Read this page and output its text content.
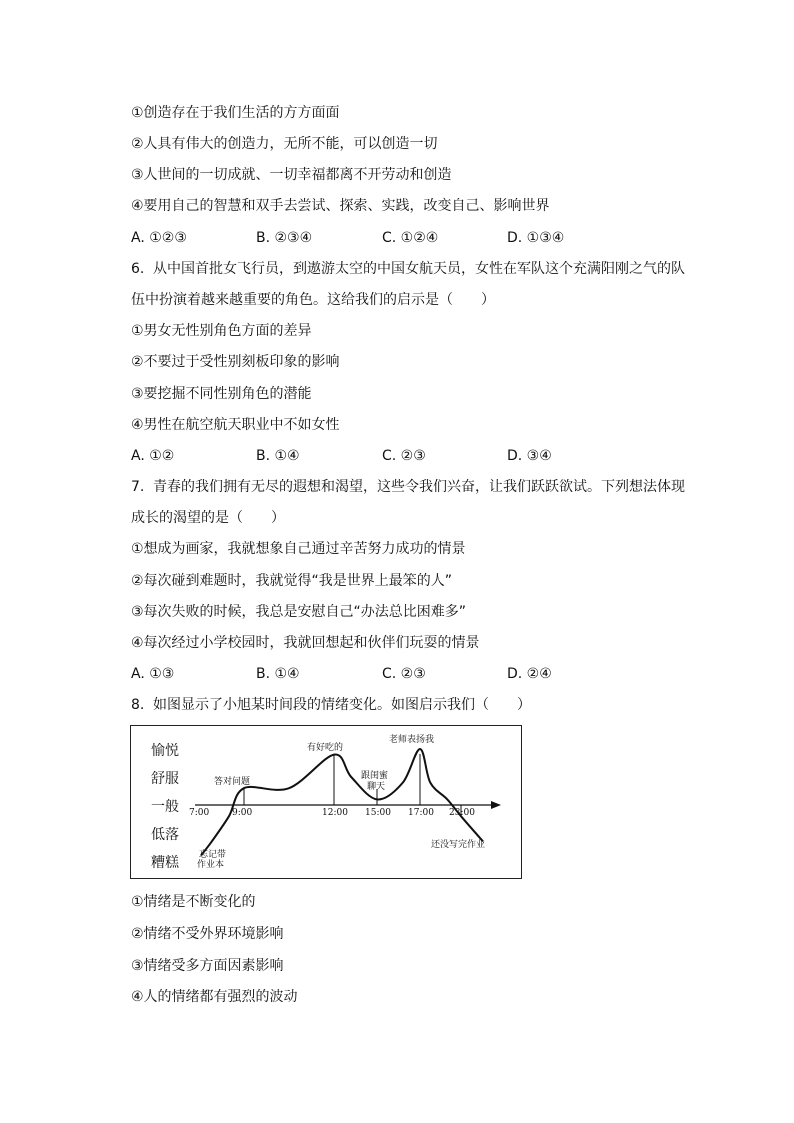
①创造存在于我们生活的方方面面
②人具有伟大的创造力，无所不能，可以创造一切
③人世间的一切成就、一切幸福都离不开劳动和创造
④要用自己的智慧和双手去尝试、探索、实践，改变自己、影响世界
A. ①②③	B. ②③④	C. ①②④	D. ①③④
6. 从中国首批女飞行员，到遨游太空的中国女航天员，女性在军队这个充满阳刚之气的队
伍中扮演着越来越重要的角色。这给我们的启示是（　　）
①男女无性别角色方面的差异
②不要过于受性别刻板印象的影响
③要挖掘不同性别角色的潜能
④男性在航空航天职业中不如女性
A. ①②	B. ①④	C. ②③	D. ③④
7. 青春的我们拥有无尽的遐想和渴望，这些令我们兴奋，让我们跃跃欲试。下列想法体现
成长的渴望的是（　　）
①想成为画家，我就想象自己通过辛苦努力成功的情景
②每次碰到难题时，我就觉得“我是世界上最笨的人”
③每次失败的时候，我总是安慰自己“办法总比困难多”
④每次经过小学校园时，我就回想起和伙伴们玩耍的情景
A. ①③	B. ①④	C. ②③	D. ②④
8. 如图显示了小旭某时间段的情绪变化。如图启示我们（　　）
愉悦
舒服
一般
低落
糟糕
7:00	9:00	12:00 15:00 17:00 23:00
答对问题
有好吃的
跟闺蜜
聊天
老师表扬我
忘记带
作业本
还没写完作业
①情绪是不断变化的
②情绪不受外界环境影响
③情绪受多方面因素影响
④人的情绪都有强烈的波动
